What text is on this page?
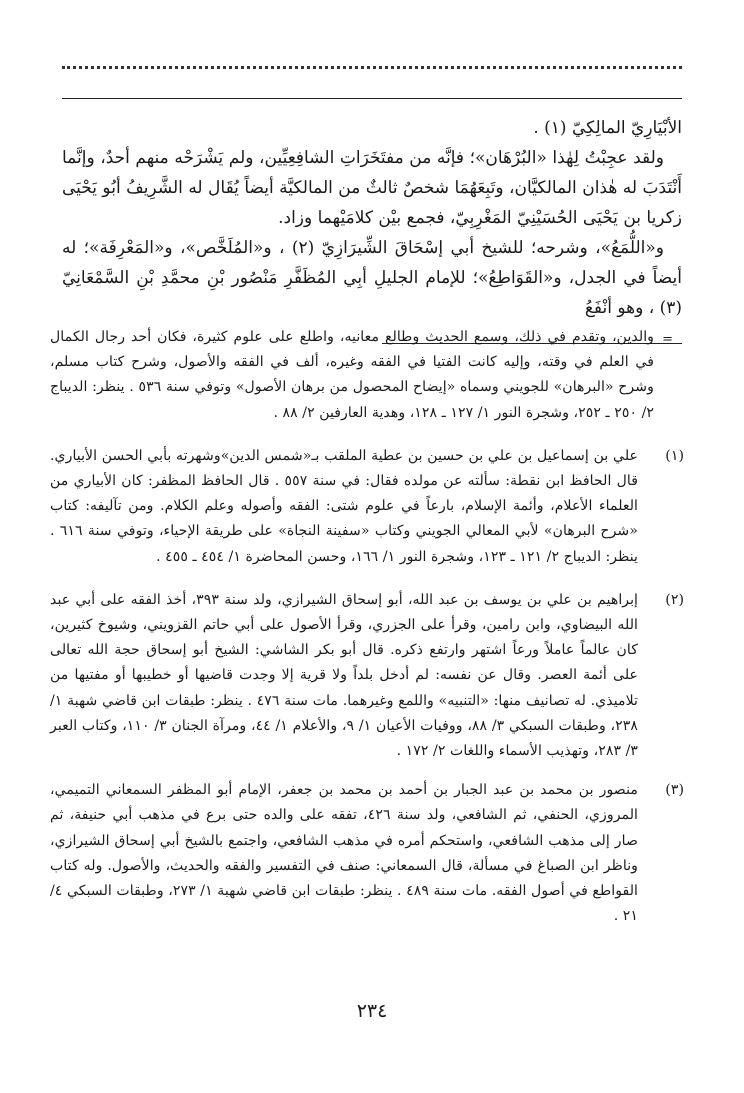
الأبْيَارِيّ المالِكِيّ (١) .

ولقد عجِبْتُ لِهٰذا «البُرْهَان»؛ فإنَّه من مفتَخَرَاتِ الشافِعِيِّين، ولم يَشْرَحْه منهم أحدٌ، وإنَّما أَنْتَدَبَ له هٰذان المالكيَّان، وتَبِعَهُمَا شخصٌ ثالثٌ من المالكيَّة أيضاً يُقَال له الشَّرِيفُ أبُو يَحْيَى زكريا بن يَحْيَى الحُسَيْنِيّ المَغْرِبِيّ، فجمع بيْن كلامَيْهما وزاد.

و«اللُّمَعُ»، وشرحه؛ للشيخ أبي إسْحَاقَ الشِّيرَازِيّ (٢) ، و«المُلَخَّص»، و«المَعْرِفَة»؛ له أيضاً في الجدل، و«القَوَاطِعُ»؛ للإمام الجليلِ أبِي المُظَفَّرِ مَنْصُور بْنِ محمَّدِ بْنِ السَّمْعَانِيّ (٣) ، وهو أنْفَعُ

=
والدين، وتقدم في ذلك، وسمع الحديث وطالع معانيه، واطلع على علوم كثيرة، فكان أحد رجال الكمال في العلم في وقته، وإليه كانت الفتيا في الفقه وغيره، ألف في الفقه والأصول، وشرح كتاب مسلم، وشرح «البرهان» للجويني وسماه «إيضاح المحصول من برهان الأصول» وتوفي سنة ٥٣٦ . ينظر: الديباج ٢/ ٢٥٠ ـ ٢٥٢، وشجرة النور ١/ ١٢٧ ـ ١٢٨، وهدية العارفين ٢/ ٨٨ .
(١)
علي بن إسماعيل بن علي بن حسين بن عطية الملقب بـ«شمس الدين»وشهرته بأبي الحسن الأبياري. قال الحافظ ابن نقطة: سألته عن مولده فقال: في سنة ٥٥٧ . قال الحافظ المظفر: كان الأبياري من العلماء الأعلام، وأئمة الإسلام، بارعاً في علوم شتى: الفقه وأصوله وعلم الكلام. ومن تآليفه: كتاب «شرح البرهان» لأبي المعالي الجويني وكتاب «سفينة النجاة» على طريقة الإحياء، وتوفي سنة ٦١٦ . ينظر: الديباج ٢/ ١٢١ ـ ١٢٣، وشجرة النور ١/ ١٦٦، وحسن المحاضرة ١/ ٤٥٤ ـ ٤٥٥ .
(٢)
إبراهيم بن علي بن يوسف بن عبد الله، أبو إسحاق الشيرازي، ولد سنة ٣٩٣، أخذ الفقه على أبي عبد الله البيضاوي، وابن رامين، وقرأ على الجزري، وقرأ الأصول على أبي حاتم القزويني، وشيوخ كثيرين، كان عالماً عاملاً ورعاً اشتهر وارتفع ذكره. قال أبو بكر الشاشي: الشيخ أبو إسحاق حجة الله تعالى على أئمة العصر. وقال عن نفسه: لم أدخل بلداً ولا قرية إلا وجدت قاضيها أو خطيبها أو مفتيها من تلاميذي. له تصانيف منها: «التنبيه» واللمع وغيرهما. مات سنة ٤٧٦ . ينظر: طبقات ابن قاضي شهبة ١/ ٢٣٨، وطبقات السبكي ٣/ ٨٨، ووفيات الأعيان ١/ ٩، والأعلام ١/ ٤٤، ومرآة الجنان ٣/ ١١٠، وكتاب العبر ٣/ ٢٨٣، وتهذيب الأسماء واللغات ٢/ ١٧٢ .
(٣)
منصور بن محمد بن عبد الجبار بن أحمد بن محمد بن جعفر، الإمام أبو المظفر السمعاني التميمي، المروزي، الحنفي، ثم الشافعي، ولد سنة ٤٢٦، تفقه على والده حتى برع في مذهب أبي حنيفة، ثم صار إلى مذهب الشافعي، واستحكم أمره في مذهب الشافعي، واجتمع بالشيخ أبي إسحاق الشيرازي، وناظر ابن الصباغ في مسألة، قال السمعاني: صنف في التفسير والفقه والحديث، والأصول. وله كتاب القواطع في أصول الفقه. مات سنة ٤٨٩ . ينظر: طبقات ابن قاضي شهبة ١/ ٢٧٣، وطبقات السبكي ٤/ ٢١ .
٢٣٤
